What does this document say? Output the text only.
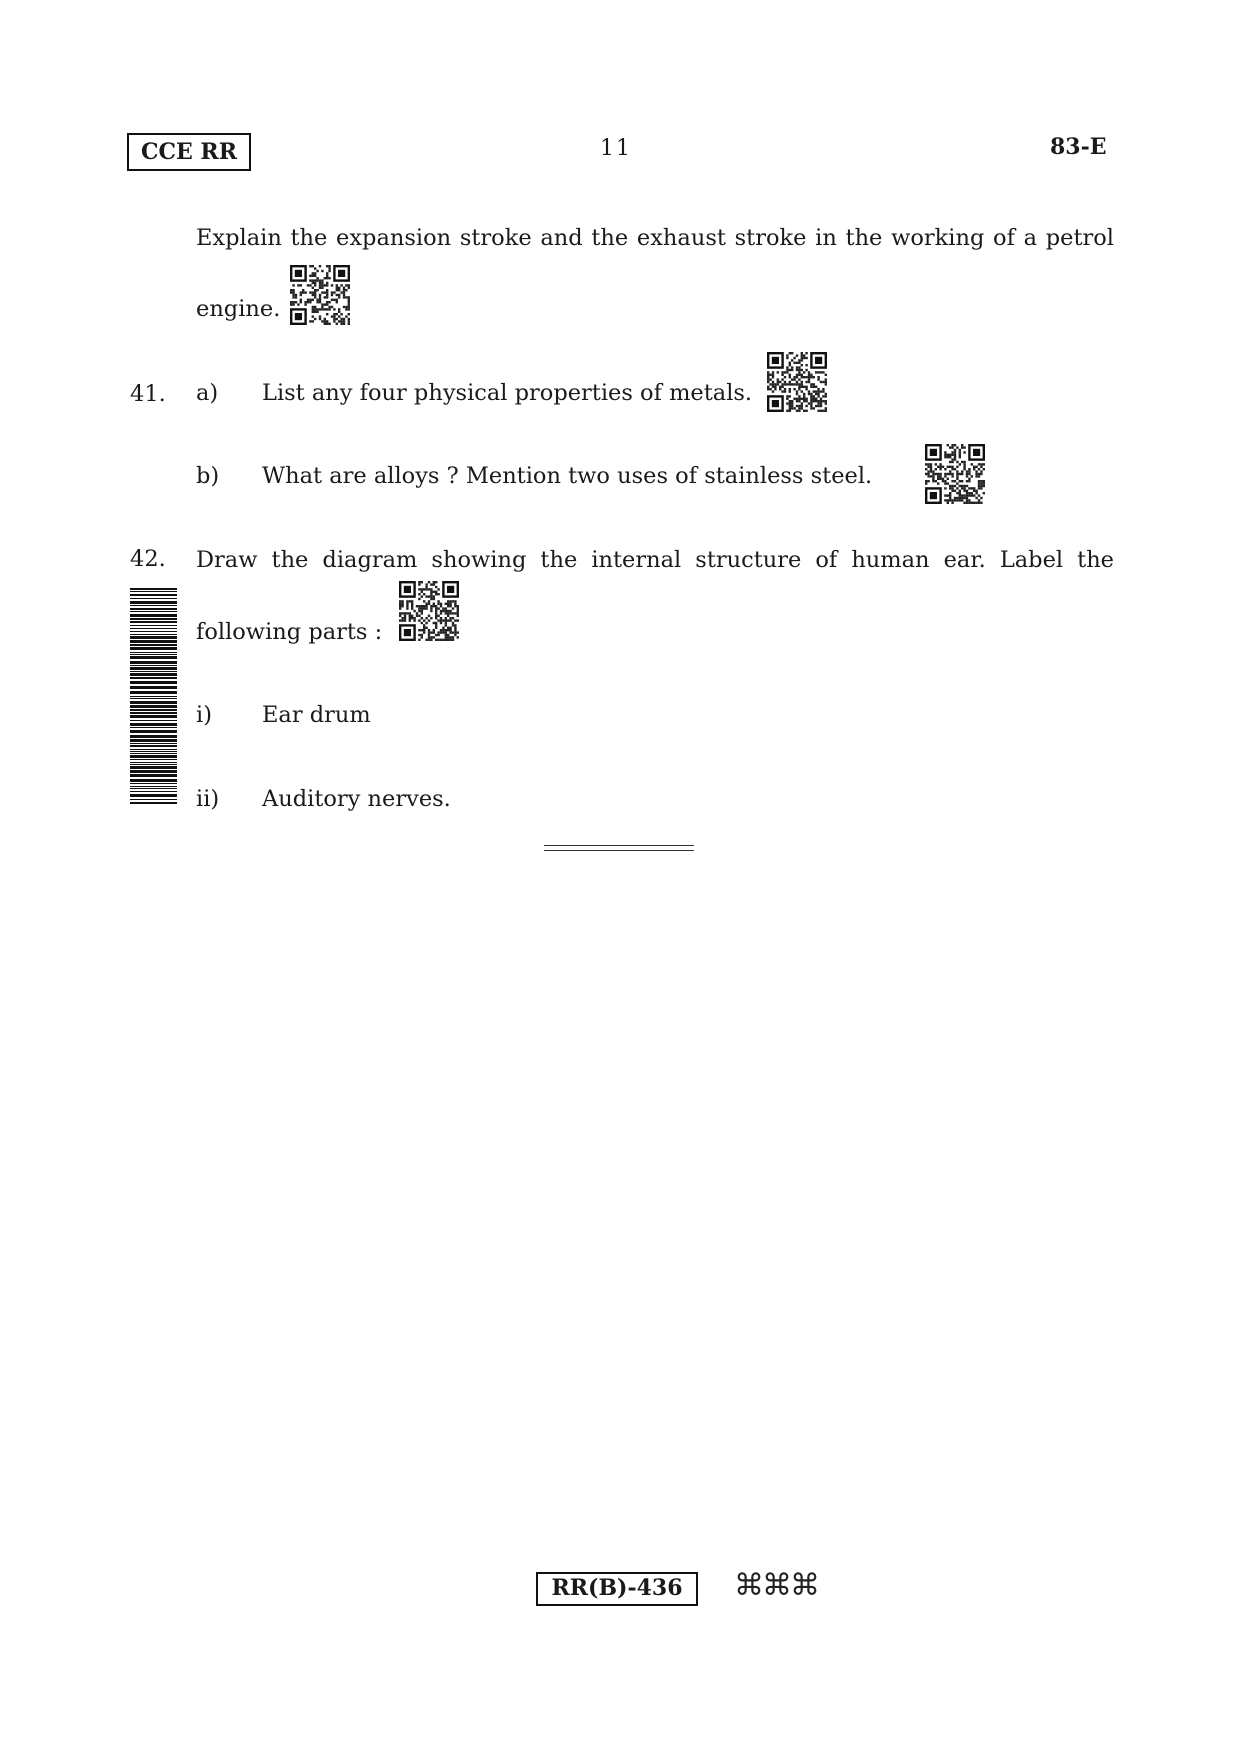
CCE RR	11	83-E
Explain the expansion stroke and the exhaust stroke in the working of a petrol
engine.
41. a) List any four physical properties of metals.
b) What are alloys ? Mention two uses of stainless steel.
42. Draw the diagram showing the internal structure of human ear. Label the
following parts :
i) Ear drum
ii) Auditory nerves.
RR(B)-436	⌘⌘⌘
